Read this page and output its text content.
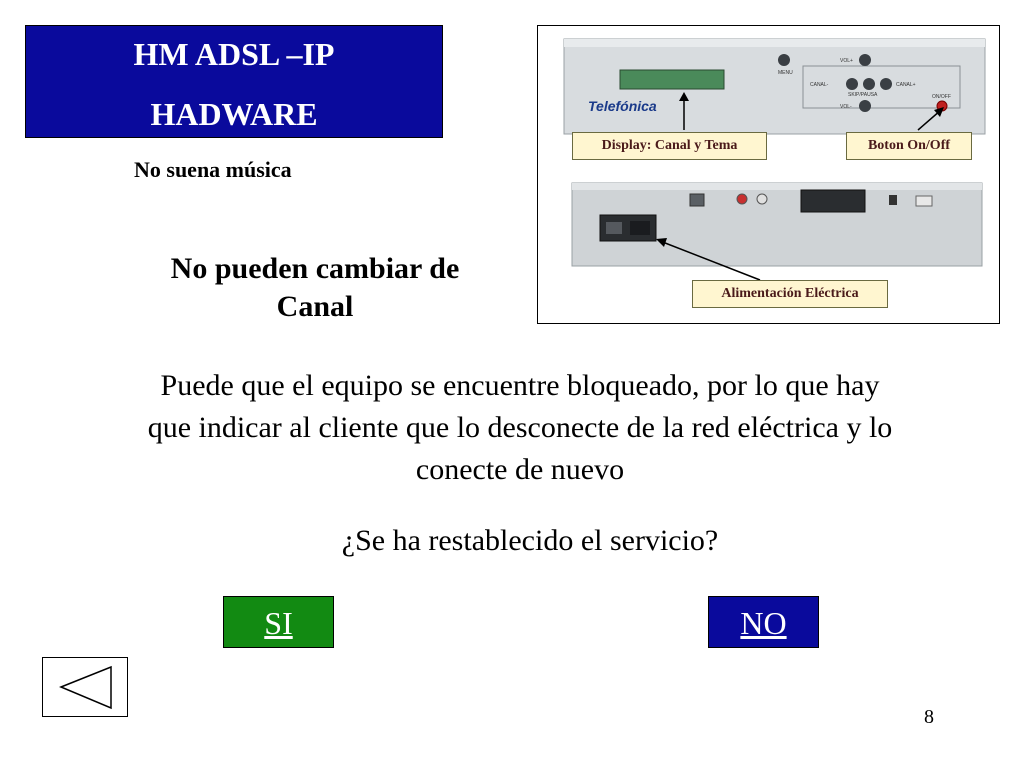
HM ADSL –IP
HADWARE
No suena música
No pueden cambiar de Canal
Puede que el equipo se encuentre bloqueado, por lo que hay que indicar al cliente que lo desconecte de la red eléctrica y lo conecte de nuevo
¿Se ha restablecido el servicio?
SI	NO
8
Telefónica
MENU
VOL+
CANAL-	CANAL+
SKIP/PAUSA
VOL-
ON/OFF
Display: Canal y Tema	Boton On/Off
Alimentación Eléctrica
